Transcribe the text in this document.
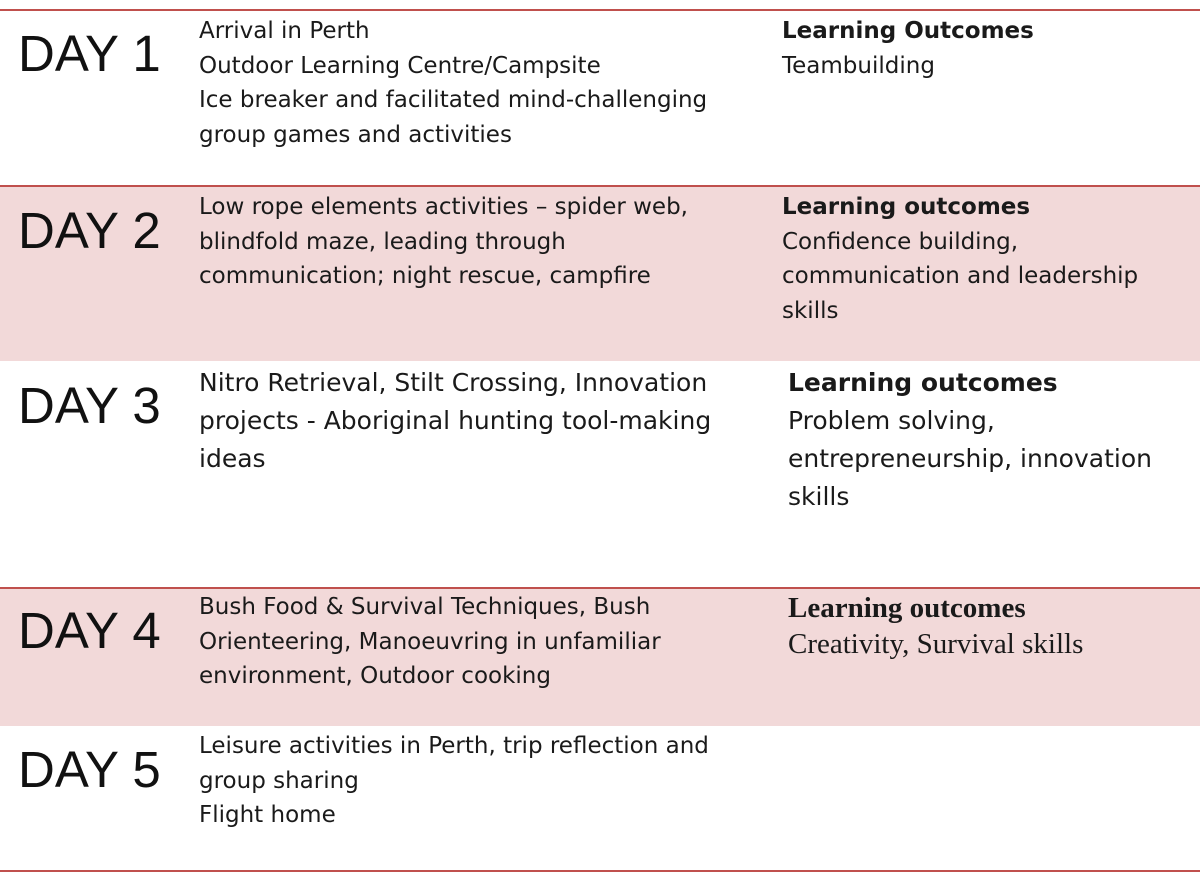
DAY 1 Arrival in Perth
Outdoor Learning Centre/Campsite
Ice breaker and facilitated mind-challenging
group games and activities
Learning Outcomes
Teambuilding
DAY 2 Low rope elements activities – spider web,
blindfold maze, leading through
communication; night rescue, campfire
Learning outcomes
Confidence building,
communication and leadership
skills
DAY 3 Nitro Retrieval, Stilt Crossing, Innovation
projects - Aboriginal hunting tool-making
ideas
Learning outcomes
Problem solving,
entrepreneurship, innovation
skills
DAY 4 Bush Food & Survival Techniques, Bush
Orienteering, Manoeuvring in unfamiliar
environment, Outdoor cooking
Learning outcomes
Creativity, Survival skills
DAY 5 Leisure activities in Perth, trip reflection and
group sharing
Flight home
